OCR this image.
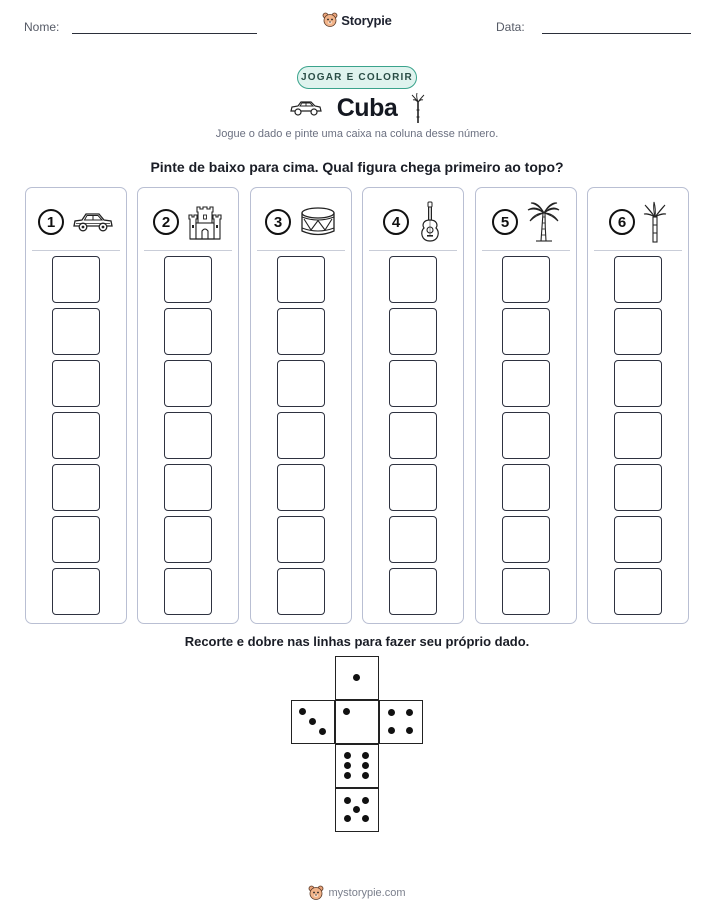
Nome:	Storypie	Data:
JOGAR E COLORIR
Cuba
Jogue o dado e pinte uma caixa na coluna desse número.
Pinte de baixo para cima. Qual figura chega primeiro ao topo?
1	2	3	4	5	6
Recorte e dobre nas linhas para fazer seu próprio dado.
mystorypie.com
